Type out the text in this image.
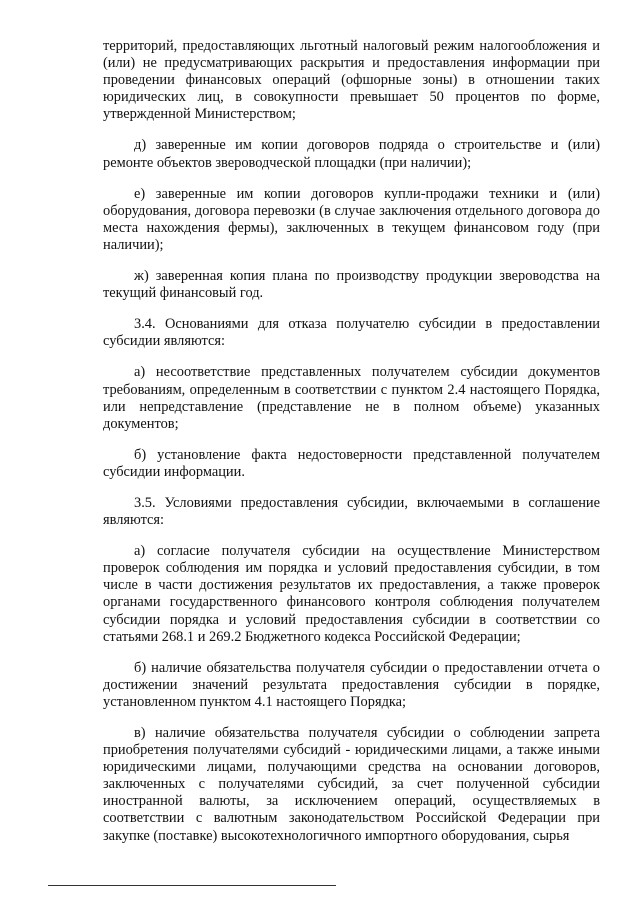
территорий, предоставляющих льготный налоговый режим налогообложения и (или) не предусматривающих раскрытия и предоставления информации при проведении финансовых операций (офшорные зоны) в отношении таких юридических лиц, в совокупности превышает 50 процентов по форме, утвержденной Министерством;

д) заверенные им копии договоров подряда о строительстве и (или) ремонте объектов звероводческой площадки (при наличии);

е) заверенные им копии договоров купли-продажи техники и (или) оборудования, договора перевозки (в случае заключения отдельного договора до места нахождения фермы), заключенных в текущем финансовом году (при наличии);

ж) заверенная копия плана по производству продукции звероводства на текущий финансовый год.

3.4. Основаниями для отказа получателю субсидии в предоставлении субсидии являются:

а) несоответствие представленных получателем субсидии документов требованиям, определенным в соответствии с пунктом 2.4 настоящего Порядка, или непредставление (представление не в полном объеме) указанных документов;

б) установление факта недостоверности представленной получателем субсидии информации.

3.5. Условиями предоставления субсидии, включаемыми в соглашение являются:

а) согласие получателя субсидии на осуществление Министерством проверок соблюдения им порядка и условий предоставления субсидии, в том числе в части достижения результатов их предоставления, а также проверок органами государственного финансового контроля соблюдения получателем субсидии порядка и условий предоставления субсидии в соответствии со статьями 268.1 и 269.2 Бюджетного кодекса Российской Федерации;

б) наличие обязательства получателя субсидии о предоставлении отчета о достижении значений результата предоставления субсидии в порядке, установленном пунктом 4.1 настоящего Порядка;

в) наличие обязательства получателя субсидии о соблюдении запрета приобретения получателями субсидий - юридическими лицами, а также иными юридическими лицами, получающими средства на основании договоров, заключенных с получателями субсидий, за счет полученной субсидии иностранной валюты, за исключением операций, осуществляемых в соответствии с валютным законодательством Российской Федерации при закупке (поставке) высокотехнологичного импортного оборудования, сырья
